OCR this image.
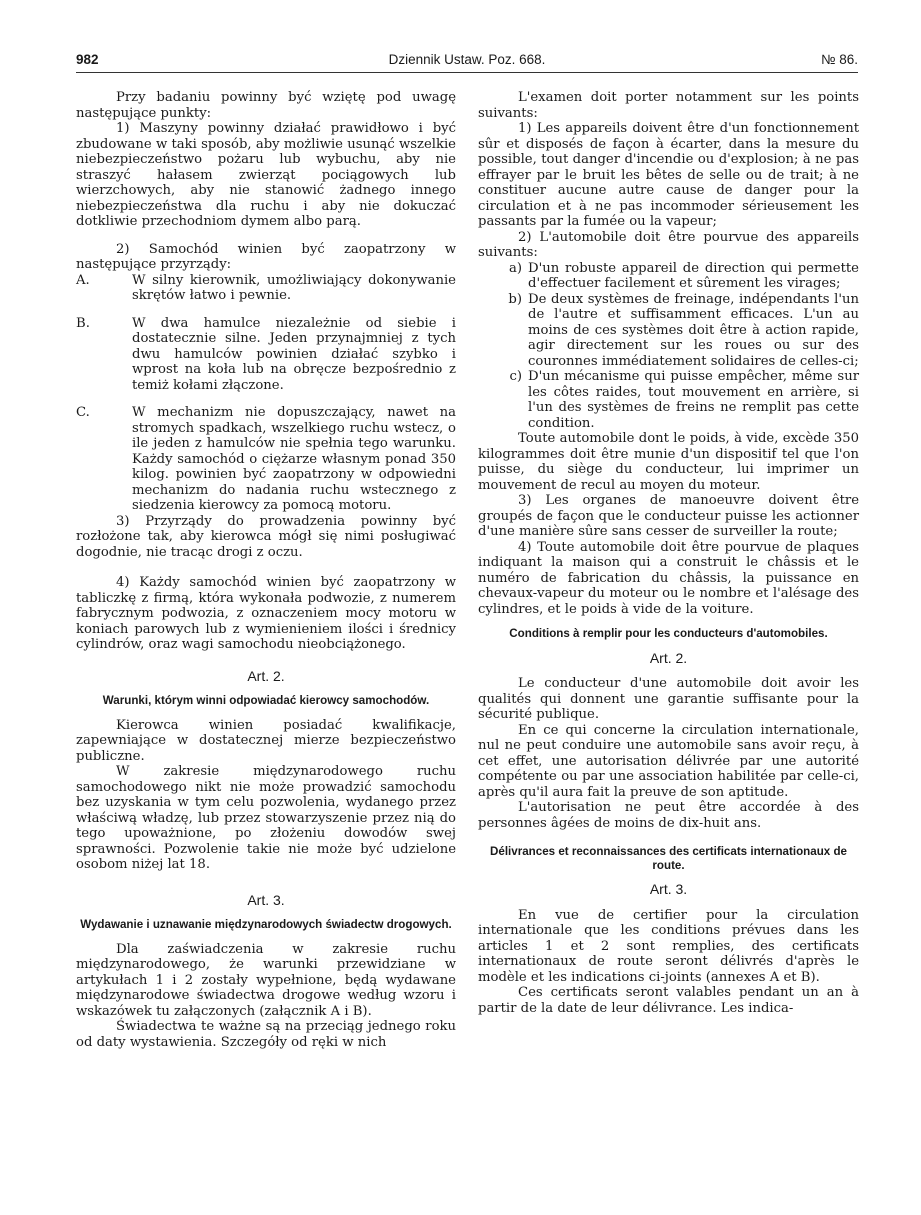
982	Dziennik Ustaw. Poz. 668.	№ 86.

Przy badaniu powinny być wziętę pod uwagę następujące punkty:

1) Maszyny powinny działać prawidłowo i być zbudowane w taki sposób, aby możliwie usunąć wszelkie niebezpieczeństwo pożaru lub wybuchu, aby nie straszyć hałasem zwierząt pociągowych lub wierzchowych, aby nie stanowić żadnego innego niebezpieczeństwa dla ruchu i aby nie dokuczać dotkliwie przechodniom dymem albo parą.

2) Samochód winien być zaopatrzony w następujące przyrządy:

A.	W silny kierownik, umożliwiający dokonywanie skrętów łatwo i pewnie.
B.	W dwa hamulce niezależnie od siebie i dostatecznie silne. Jeden przynajmniej z tych dwu hamulców powinien działać szybko i wprost na koła lub na obręcze bezpośrednio z temiż kołami złączone.
C.	W mechanizm nie dopuszczający, nawet na stromych spadkach, wszelkiego ruchu wstecz, o ile jeden z hamulców nie spełnia tego warunku. Każdy samochód o ciężarze własnym ponad 350 kilog. powinien być zaopatrzony w odpowiedni mechanizm do nadania ruchu wstecznego z siedzenia kierowcy za pomocą motoru.

3) Przyrządy do prowadzenia powinny być rozłożone tak, aby kierowca mógł się nimi posługiwać dogodnie, nie tracąc drogi z oczu.

4) Każdy samochód winien być zaopatrzony w tabliczkę z firmą, która wykonała podwozie, z numerem fabrycznym podwozia, z oznaczeniem mocy motoru w koniach parowych lub z wymienieniem ilości i średnicy cylindrów, oraz wagi samochodu nieobciążonego.

Art. 2.
Warunki, którym winni odpowiadać kierowcy samochodów.

Kierowca winien posiadać kwalifikacje, zapewniające w dostatecznej mierze bezpieczeństwo publiczne.

W zakresie międzynarodowego ruchu samochodowego nikt nie może prowadzić samochodu bez uzyskania w tym celu pozwolenia, wydanego przez właściwą władzę, lub przez stowarzyszenie przez nią do tego upoważnione, po złożeniu dowodów swej sprawności. Pozwolenie takie nie może być udzielone osobom niżej lat 18.

Art. 3.
Wydawanie i uznawanie międzynarodowych świadectw drogowych.

Dla zaświadczenia w zakresie ruchu międzynarodowego, że warunki przewidziane w artykułach 1 i 2 zostały wypełnione, będą wydawane międzynarodowe świadectwa drogowe według wzoru i wskazówek tu załączonych (załącznik A i B).

Świadectwa te ważne są na przeciąg jednego roku od daty wystawienia. Szczegóły od ręki w nich

L'examen doit porter notamment sur les points suivants:

1) Les appareils doivent être d'un fonctionnement sûr et disposés de façon à écarter, dans la mesure du possible, tout danger d'incendie ou d'explosion; à ne pas effrayer par le bruit les bêtes de selle ou de trait; à ne constituer aucune autre cause de danger pour la circulation et à ne pas incommoder sérieusement les passants par la fumée ou la vapeur;

2) L'automobile doit être pourvue des appareils suivants:

a) D'un robuste appareil de direction qui permette d'effectuer facilement et sûrement les virages;
b) De deux systèmes de freinage, indépendants l'un de l'autre et suffisamment efficaces. L'un au moins de ces systèmes doit être à action rapide, agir directement sur les roues ou sur des couronnes immédiatement solidaires de celles-ci;
c) D'un mécanisme qui puisse empêcher, même sur les côtes raides, tout mouvement en arrière, si l'un des systèmes de freins ne remplit pas cette condition.

Toute automobile dont le poids, à vide, excède 350 kilogrammes doit être munie d'un dispositif tel que l'on puisse, du siège du conducteur, lui imprimer un mouvement de recul au moyen du moteur.

3) Les organes de manoeuvre doivent être groupés de façon que le conducteur puisse les actionner d'une manière sûre sans cesser de surveiller la route;

4) Toute automobile doit être pourvue de plaques indiquant la maison qui a construit le châssis et le numéro de fabrication du châssis, la puissance en chevaux-vapeur du moteur ou le nombre et l'alésage des cylindres, et le poids à vide de la voiture.

Conditions à remplir pour les conducteurs d'automobiles.
Art. 2.

Le conducteur d'une automobile doit avoir les qualités qui donnent une garantie suffisante pour la sécurité publique.

En ce qui concerne la circulation internationale, nul ne peut conduire une automobile sans avoir reçu, à cet effet, une autorisation délivrée par une autorité compétente ou par une association habilitée par celle-ci, après qu'il aura fait la preuve de son aptitude.

L'autorisation ne peut être accordée à des personnes âgées de moins de dix-huit ans.

Délivrances et reconnaissances des certificats internationaux de route.
Art. 3.

En vue de certifier pour la circulation internationale que les conditions prévues dans les articles 1 et 2 sont remplies, des certificats internationaux de route seront délivrés d'après le modèle et les indications ci-joints (annexes A et B).

Ces certificats seront valables pendant un an à partir de la date de leur délivrance. Les indica-
